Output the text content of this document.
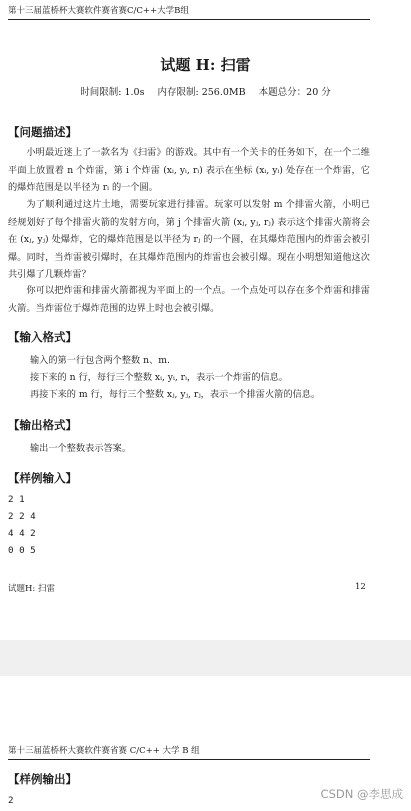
第十三届蓝桥杯大赛软件赛省赛C/C++大学B组
试题 H: 扫雷
时间限制: 1.0s 内存限制: 256.0MB 本题总分：20 分
【问题描述】

小明最近迷上了一款名为《扫雷》的游戏。其中有一个关卡的任务如下，在一个二维平面上放置着 n 个炸雷，第 i 个炸雷 (xᵢ, yᵢ, rᵢ) 表示在坐标 (xᵢ, yᵢ) 处存在一个炸雷，它的爆炸范围是以半径为 rᵢ 的一个圆。

为了顺利通过这片土地，需要玩家进行排雷。玩家可以发射 m 个排雷火箭，小明已经规划好了每个排雷火箭的发射方向，第 j 个排雷火箭 (xⱼ, yⱼ, rⱼ) 表示这个排雷火箭将会在 (xⱼ, yⱼ) 处爆炸，它的爆炸范围是以半径为 rⱼ 的一个圆，在其爆炸范围内的炸雷会被引爆。同时，当炸雷被引爆时，在其爆炸范围内的炸雷也会被引爆。现在小明想知道他这次共引爆了几颗炸雷？

你可以把炸雷和排雷火箭都视为平面上的一个点。一个点处可以存在多个炸雷和排雷火箭。当炸雷位于爆炸范围的边界上时也会被引爆。

【输入格式】
输入的第一行包含两个整数 n、m.
接下来的 n 行，每行三个整数 xᵢ, yᵢ, rᵢ，表示一个炸雷的信息。
再接下来的 m 行，每行三个整数 xⱼ, yⱼ, rⱼ，表示一个排雷火箭的信息。
【输出格式】
输出一个整数表示答案。
【样例输入】
2 1
2 2 4
4 4 2
0 0 5
试题H: 扫雷	12
第十三届蓝桥杯大赛软件赛省赛 C/C++ 大学 B 组
【样例输出】
2	CSDN @李思成
